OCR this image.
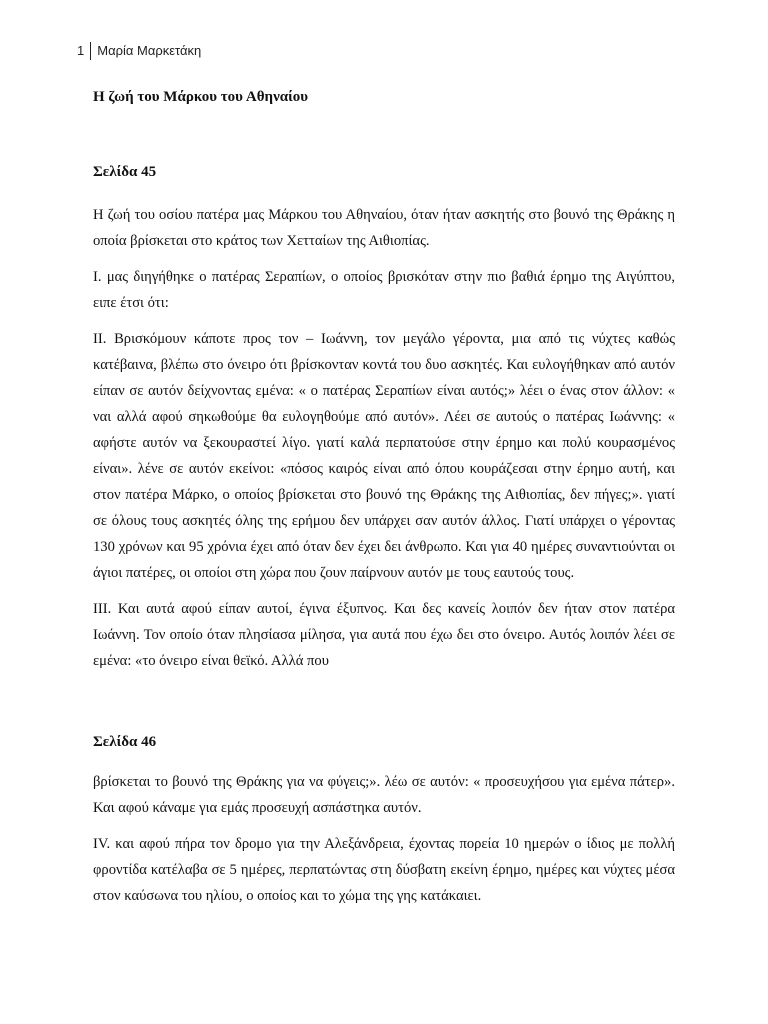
1 Μαρία Μαρκετάκη
Η ζωή του Μάρκου του Αθηναίου
Σελίδα 45

Η ζωή του οσίου πατέρα μας Μάρκου του Αθηναίου, όταν ήταν ασκητής στο βουνό της Θράκης η οποία βρίσκεται στο κράτος των Χετταίων της Αιθιοπίας.

I. μας διηγήθηκε ο πατέρας Σεραπίων, ο οποίος βρισκόταν στην πιο βαθιά έρημο της Αιγύπτου, ειπε έτσι ότι:

II. Βρισκόμουν κάποτε προς τον – Ιωάννη, τον μεγάλο γέροντα, μια από τις νύχτες καθώς κατέβαινα, βλέπω στο όνειρο ότι βρίσκονταν κοντά του δυο ασκητές. Και ευλογήθηκαν από αυτόν είπαν σε αυτόν δείχνοντας εμένα: « ο πατέρας Σεραπίων είναι αυτός;» λέει ο ένας στον άλλον: « ναι αλλά αφού σηκωθούμε θα ευλογηθούμε από αυτόν». Λέει σε αυτούς ο πατέρας Ιωάννης: « αφήστε αυτόν να ξεκουραστεί λίγο. γιατί καλά περπατούσε στην έρημο και πολύ κουρασμένος είναι». λένε σε αυτόν εκείνοι: «πόσος καιρός είναι από όπου κουράζεσαι στην έρημο αυτή, και στον πατέρα Μάρκο, ο οποίος βρίσκεται στο βουνό της Θράκης της Αιθιοπίας, δεν πήγες;». γιατί σε όλους τους ασκητές όλης της ερήμου δεν υπάρχει σαν αυτόν άλλος. Γιατί υπάρχει ο γέροντας 130 χρόνων και 95 χρόνια έχει από όταν δεν έχει δει άνθρωπο. Και για 40 ημέρες συναντιούνται οι άγιοι πατέρες, οι οποίοι στη χώρα που ζουν παίρνουν αυτόν με τους εαυτούς τους.

III. Και αυτά αφού είπαν αυτοί, έγινα έξυπνος. Και δες κανείς λοιπόν δεν ήταν στον πατέρα Ιωάννη. Τον οποίο όταν πλησίασα μίλησα, για αυτά που έχω δει στο όνειρο. Αυτός λοιπόν λέει σε εμένα: «το όνειρο είναι θεϊκό. Αλλά που

Σελίδα 46

βρίσκεται το βουνό της Θράκης για να φύγεις;». λέω σε αυτόν: « προσευχήσου για εμένα πάτερ». Και αφού κάναμε για εμάς προσευχή ασπάστηκα αυτόν.

IV. και αφού πήρα τον δρομο για την Αλεξάνδρεια, έχοντας πορεία 10 ημερών ο ίδιος με πολλή φροντίδα κατέλαβα σε 5 ημέρες, περπατώντας στη δύσβατη εκείνη έρημο, ημέρες και νύχτες μέσα στον καύσωνα του ηλίου, ο οποίος και το χώμα της γης κατάκαιει.
